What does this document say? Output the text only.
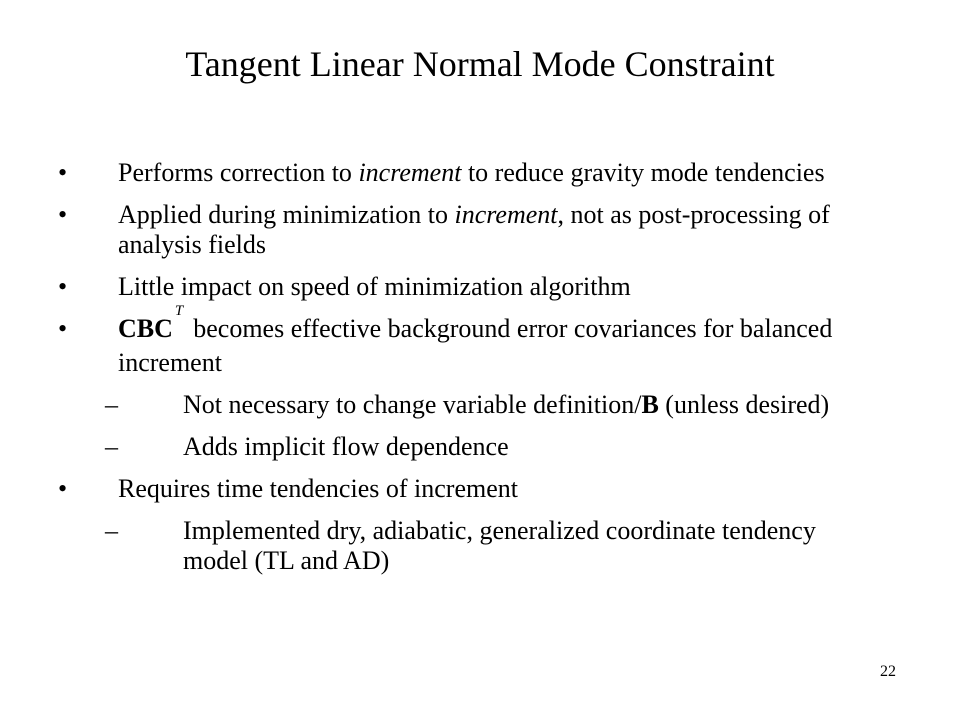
Tangent Linear Normal Mode Constraint
• Performs correction to increment to reduce gravity mode tendencies
• Applied during minimization to increment, not as post-processing of analysis fields
• Little impact on speed of minimization algorithm
• $CBC^Tbecomes$ effective background error covariances for balanced increment
–	Not necessary to change variable definition/B (unless desired)
–	Adds implicit flow dependence
• Requires time tendencies of increment
–	Implemented dry, adiabatic, generalized coordinate tendency model (TL and AD)
22
